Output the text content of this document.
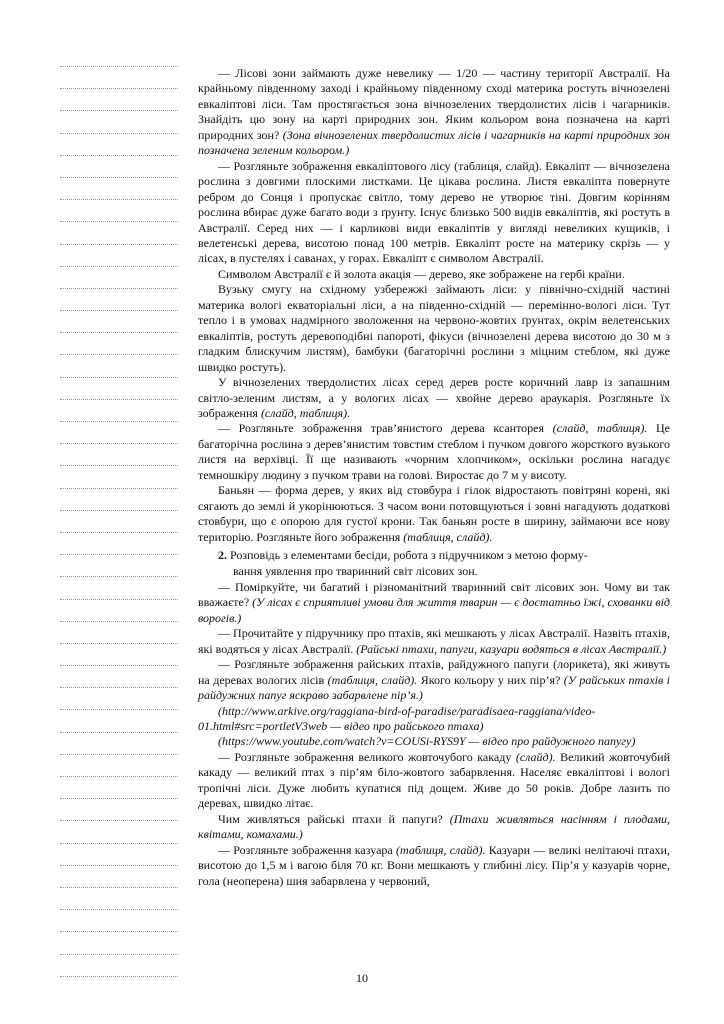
— Лісові зони займають дуже невелику — 1/20 — частину території Австралії. На крайньому південному заході і крайньому південному сході материка ростуть вічнозелені евкаліптові ліси. Там простягається зона вічнозелених твердолистих лісів і чагарників. Знайдіть цю зону на карті природних зон. Яким кольором вона позначена на карті природних зон? (Зона вічнозелених твердолистих лісів і чагарників на карті природних зон позначена зеленим кольором.)

— Розгляньте зображення евкаліптового лісу (таблиця, слайд). Евкаліпт — вічнозелена рослина з довгими плоскими листками. Це цікава рослина. Листя евкаліпта повернуте ребром до Сонця і пропускає світло, тому дерево не утворює тіні. Довгим корінням рослина вбирає дуже багато води з ґрунту. Існує близько 500 видів евкаліптів, які ростуть в Австралії. Серед них — і карликові види евкаліптів у вигляді невеликих кущиків, і велетенські дерева, висотою понад 100 метрів. Евкаліпт росте на материку скрізь — у лісах, в пустелях і саванах, у горах. Евкаліпт є символом Австралії.

Символом Австралії є й золота акація — дерево, яке зображене на гербі країни.

Вузьку смугу на східному узбережжі займають ліси: у північно-східній частині материка вологі екваторіальні ліси, а на південно-східній — перемінно-вологі ліси. Тут тепло і в умовах надмірного зволоження на червоно-жовтих ґрунтах, окрім велетенських евкаліптів, ростуть деревоподібні папороті, фікуси (вічнозелені дерева висотою до 30 м з гладким блискучим листям), бамбуки (багаторічні рослини з міцним стеблом, які дуже швидко ростуть).

У вічнозелених твердолистих лісах серед дерев росте коричний лавр із запашним світло-зеленим листям, а у вологих лісах — хвойне дерево араукарія. Розгляньте їх зображення (слайд, таблиця).

— Розгляньте зображення трав’янистого дерева ксанторея (слайд, таблиця). Це багаторічна рослина з дерев’янистим товстим стеблом і пучком довгого жорсткого вузького листя на верхівці. Її ще називають «чорним хлопчиком», оскільки рослина нагадує темношкіру людину з пучком трави на голові. Виростає до 7 м у висоту.

Баньян — форма дерев, у яких від стовбура і гілок відростають повітряні корені, які сягають до землі й укорінюються. З часом вони потовщуються і зовні нагадують додаткові стовбури, що є опорою для густої крони. Так баньян росте в ширину, займаючи все нову територію. Розгляньте його зображення (таблиця, слайд).

2. Розповідь з елементами бесіди, робота з підручником з метою форму-
вання уявлення про тваринний світ лісових зон.

— Поміркуйте, чи багатий і різноманітний тваринний світ лісових зон. Чому ви так вважаєте? (У лісах є сприятливі умови для життя тварин — є достатньо їжі, схованки від ворогів.)

— Прочитайте у підручнику про птахів, які мешкають у лісах Австралії. Назвіть птахів, які водяться у лісах Австралії. (Райські птахи, папуги, казуари водяться в лісах Австралії.)

— Розгляньте зображення райських птахів, райдужного папуги (лорикета), які живуть на деревах вологих лісів (таблиця, слайд). Якого кольору у них пір’я? (У райських птахів і райдужних папуг яскраво забарвлене пір’я.)

(http://www.arkive.org/raggiana-bird-of-paradise/paradisaea-raggiana/video-01.html#src=portletV3web — відео про райського птаха)

(https://www.youtube.com/watch?v=COUSi-RYS9Y — відео про райдужного папугу)

— Розгляньте зображення великого жовточубого какаду (слайд). Великий жовточубий какаду — великий птах з пір’ям біло-жовтого забарвлення. Населяє евкаліптові і вологі тропічні ліси. Дуже любить купатися під дощем. Живе до 50 років. Добре лазить по деревах, швидко літає.

Чим живляться райські птахи й папуги? (Птахи живляться насінням і плодами, квітами, комахами.)

— Розгляньте зображення казуара (таблиця, слайд). Казуари — великі нелітаючі птахи, висотою до 1,5 м і вагою біля 70 кг. Вони мешкають у глибині лісу. Пір’я у казуарів чорне, гола (неоперена) шия забарвлена у червоний,

10
